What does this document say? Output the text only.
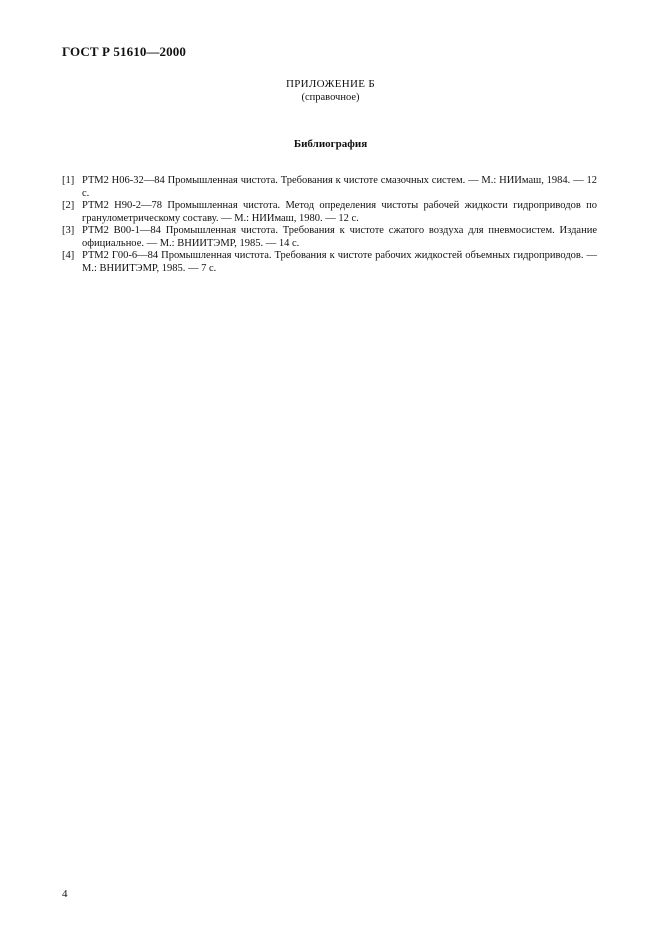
ГОСТ Р 51610—2000
ПРИЛОЖЕНИЕ Б
(справочное)
Библиография
[1] РТМ2 Н06-32—84 Промышленная чистота. Требования к чистоте смазочных систем. — М.: НИИмаш, 1984. — 12 с.
[2] РТМ2 Н90-2—78 Промышленная чистота. Метод определения чистоты рабочей жидкости гидроприводов по гранулометрическому составу. — М.: НИИмаш, 1980. — 12 с.
[3] РТМ2 В00-1—84 Промышленная чистота. Требования к чистоте сжатого воздуха для пневмосистем. Издание официальное. — М.: ВНИИТЭМР, 1985. — 14 с.
[4] РТМ2 Г00-6—84 Промышленная чистота. Требования к чистоте рабочих жидкостей объемных гидроприводов. — М.: ВНИИТЭМР, 1985. — 7 с.
4
